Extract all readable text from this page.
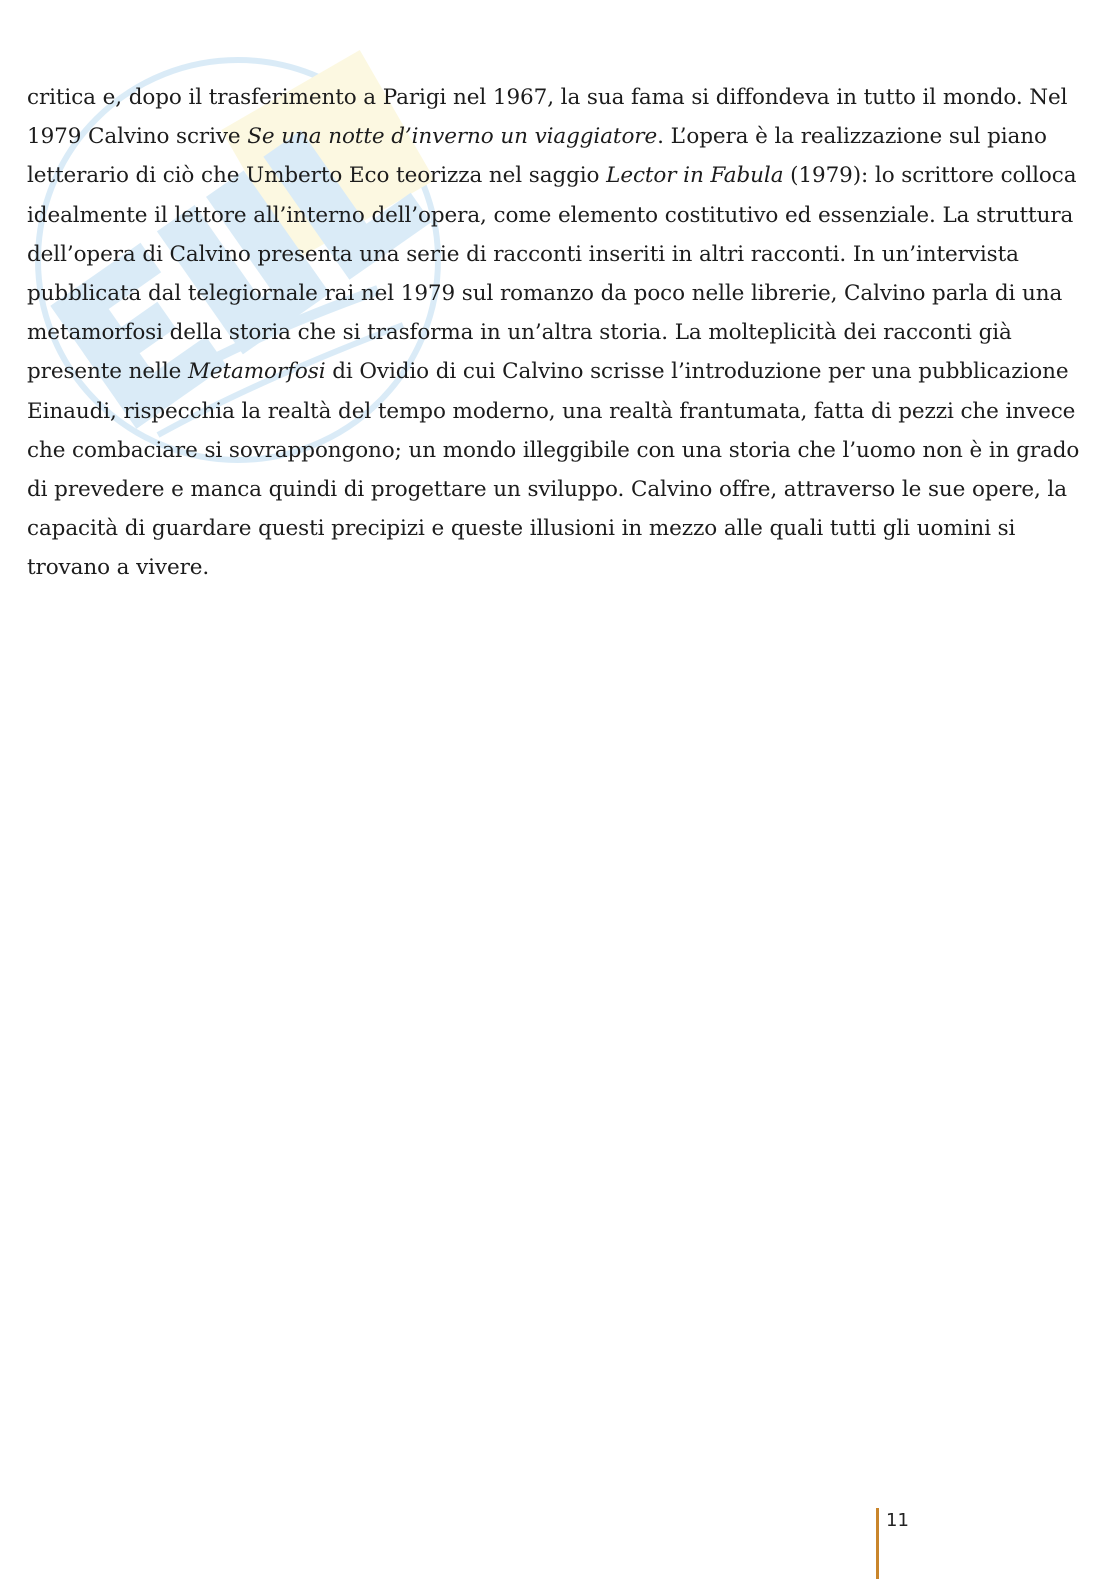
critica e, dopo il trasferimento a Parigi nel 1967, la sua fama si diffondeva in tutto il mondo. Nel 1979 Calvino scrive Se una notte d’inverno un viaggiatore. L’opera è la realizzazione sul piano letterario di ciò che Umberto Eco teorizza nel saggio Lector in Fabula (1979): lo scrittore colloca idealmente il lettore all’interno dell’opera, come elemento costitutivo ed essenziale. La struttura dell’opera di Calvino presenta una serie di racconti inseriti in altri racconti. In un’intervista pubblicata dal telegiornale rai nel 1979 sul romanzo da poco nelle librerie, Calvino parla di una metamorfosi della storia che si trasforma in un’altra storia. La molteplicità dei racconti già presente nelle Metamorfosi di Ovidio di cui Calvino scrisse l’introduzione per una pubblicazione Einaudi, rispecchia la realtà del tempo moderno, una realtà frantumata, fatta di pezzi che invece che combaciare si sovrappongono; un mondo illeggibile con una storia che l’uomo non è in grado di prevedere e manca quindi di progettare un sviluppo. Calvino offre, attraverso le sue opere, la capacità di guardare questi precipizi e queste illusioni in mezzo alle quali tutti gli uomini si trovano a vivere.

11
